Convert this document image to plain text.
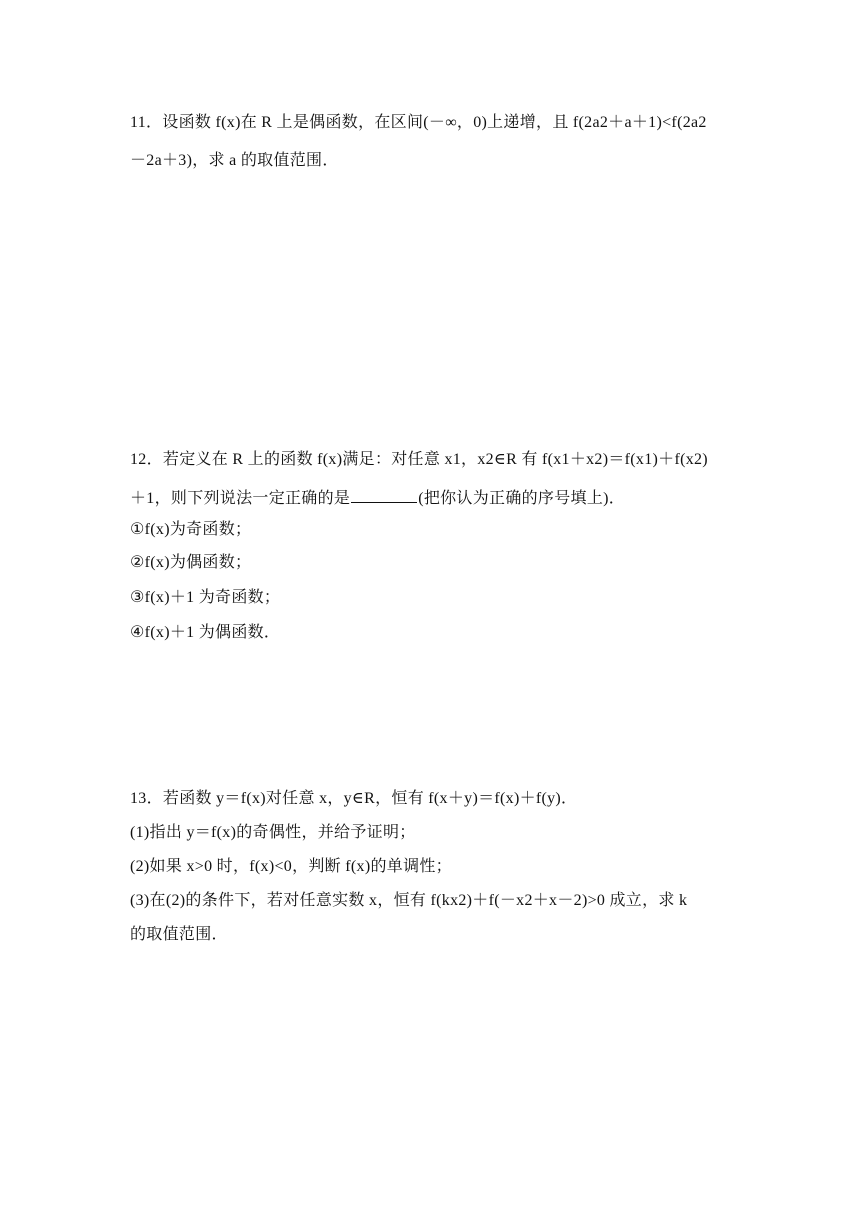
11．设函数 f(x)在 R 上是偶函数，在区间(－∞，0)上递增，且 f(2a2＋a＋1)<f(2a2
－2a＋3)，求 a 的取值范围．
12．若定义在 R 上的函数 f(x)满足：对任意 x1，x2∈R 有 f(x1＋x2)＝f(x1)＋f(x2)
＋1，则下列说法一定正确的是	(把你认为正确的序号填上)．
①f(x)为奇函数；
②f(x)为偶函数；
③f(x)＋1 为奇函数；
④f(x)＋1 为偶函数．
13．若函数 y＝f(x)对任意 x，y∈R，恒有 f(x＋y)＝f(x)＋f(y)．
(1)指出 y＝f(x)的奇偶性，并给予证明；
(2)如果 x>0 时，f(x)<0，判断 f(x)的单调性；
(3)在(2)的条件下，若对任意实数 x，恒有 f(kx2)＋f(－x2＋x－2)>0 成立，求 k
的取值范围．
